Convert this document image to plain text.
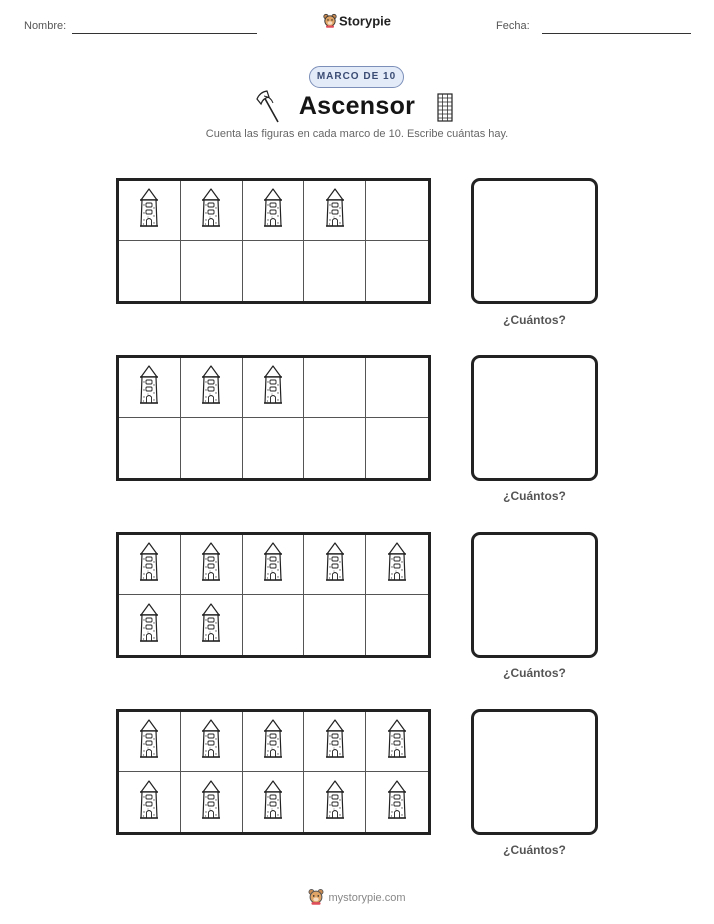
Nombre:	Storypie	Fecha:
MARCO DE 10
Ascensor
Cuenta las figuras en cada marco de 10. Escribe cuántas hay.
¿Cuántos?
¿Cuántos?
¿Cuántos?
¿Cuántos?
mystorypie.com
